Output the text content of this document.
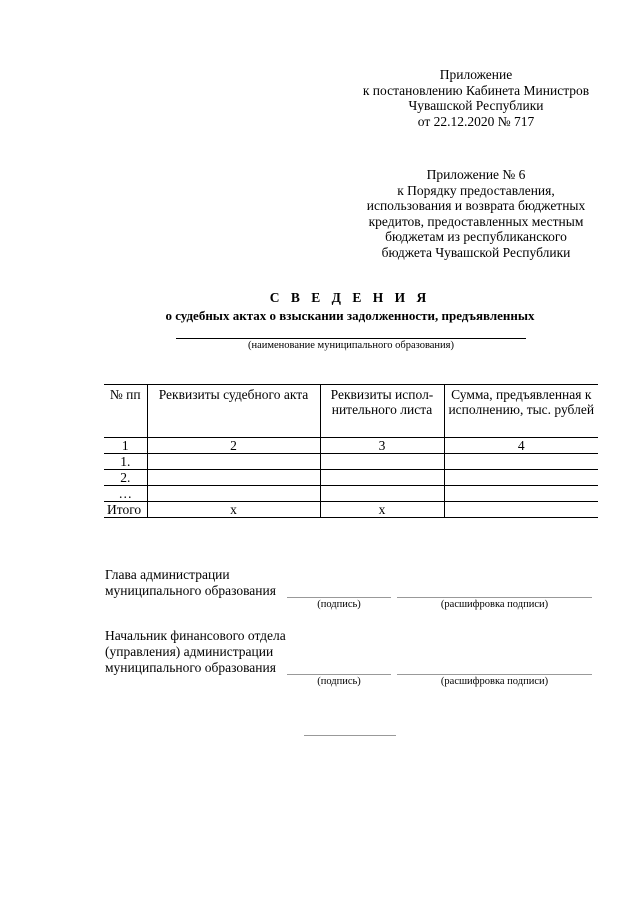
Приложение
к постановлению Кабинета Министров
Чувашской Республики
от 22.12.2020 № 717
Приложение № 6
к Порядку предоставления,
использования и возврата бюджетных
кредитов, предоставленных местным
бюджетам из республиканского
бюджета Чувашской Республики
С В Е Д Е Н И Я
о судебных актах о взыскании задолженности, предъявленных
(наименование муниципального образования)
№ пп	Реквизиты судебного акта	Реквизиты испол- нительного листа	Сумма, предъявленная к исполнению, тыс. рублей
1	2	3	4
1.			
2.			
…			
Итого	х	х	
Глава администрации
муниципального образования
(подпись)	(расшифровка подписи)
Начальник финансового отдела
(управления) администрации
муниципального образования
(подпись)	(расшифровка подписи)
